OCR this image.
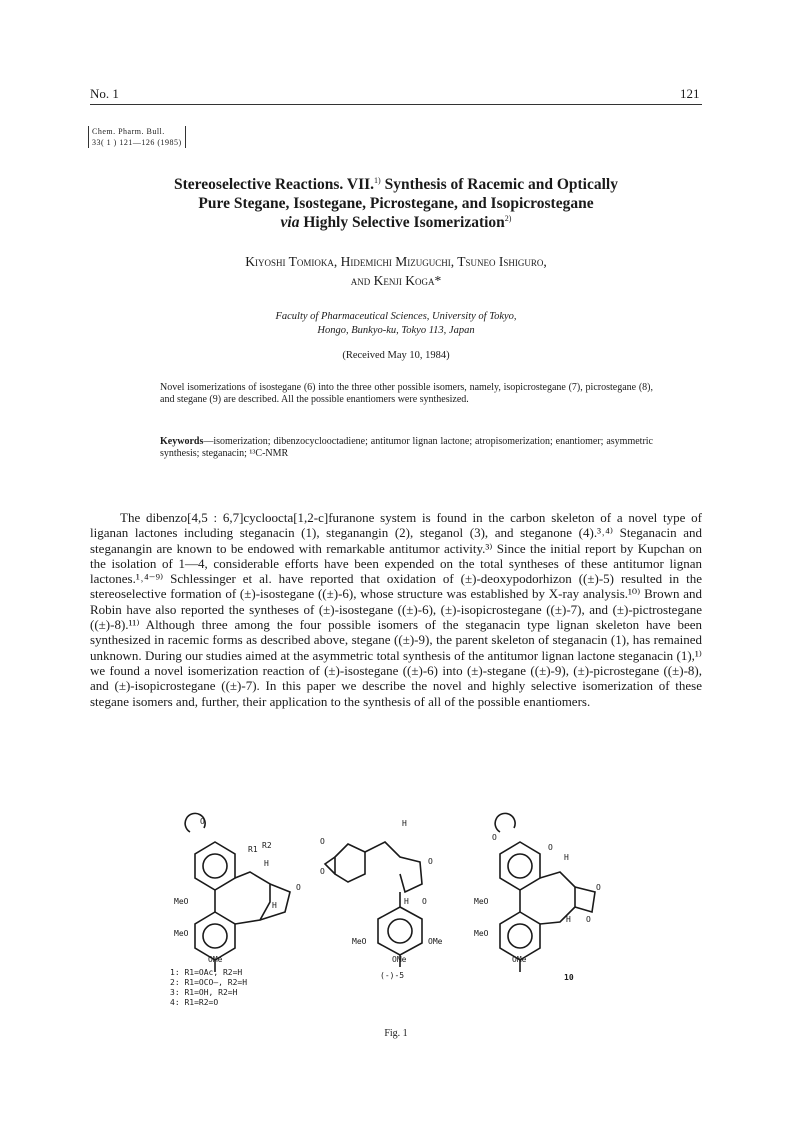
No. 1	121
Chem. Pharm. Bull.
33( 1 ) 121—126 (1985)
Stereoselective Reactions. VII.$^{1)}$ Synthesis of Racemic and Optically
Pure Stegane, Isostegane, Picrostegane, and Isopicrostegane
via Highly Selective Isomerization$^{2)}$
Kiyoshi Tomioka, Hidemichi Mizuguchi, Tsuneo Ishiguro,
and Kenji Koga*
Faculty of Pharmaceutical Sciences, University of Tokyo,
Hongo, Bunkyo-ku, Tokyo 113, Japan
(Received May 10, 1984)
Novel isomerizations of isostegane (6) into the three other possible isomers, namely, isopicrostegane (7), picrostegane (8), and stegane (9) are described. All the possible enantiomers were synthesized.
Keywords—isomerization; dibenzocyclooctadiene; antitumor lignan lactone; atropisomerization; enantiomer; asymmetric synthesis; steganacin; ¹³C-NMR
The dibenzo[4,5 : 6,7]cycloocta[1,2-c]furanone system is found in the carbon skeleton of a novel type of liganan lactones including steganacin (1), steganangin (2), steganol (3), and steganone (4).³˒⁴⁾ Steganacin and steganangin are known to be endowed with remarkable antitumor activity.³⁾ Since the initial report by Kupchan on the isolation of 1—4, considerable efforts have been expended on the total syntheses of these antitumor lignan lactones.¹˒⁴⁻⁹⁾ Schlessinger et al. have reported that oxidation of (±)-deoxypodorhizon ((±)-5) resulted in the stereoselective formation of (±)-isostegane ((±)-6), whose structure was established by X-ray analysis.¹⁰⁾ Brown and Robin have also reported the syntheses of (±)-isostegane ((±)-6), (±)-isopicrostegane ((±)-7), and (±)-pictrostegane ((±)-8).¹¹⁾ Although three among the four possible isomers of the steganacin type lignan skeleton have been synthesized in racemic forms as described above, stegane ((±)-9), the parent skeleton of steganacin (1), has remained unknown. During our studies aimed at the asymmetric total synthesis of the antitumor lignan lactone steganacin (1),¹⁾ we found a novel isomerization reaction of (±)-isostegane ((±)-6) into (±)-stegane ((±)-9), (±)-picrostegane ((±)-8), and (±)-isopicrostegane ((±)-7). In this paper we describe the novel and highly selective isomerization of these stegane isomers and, further, their application to the synthesis of all of the possible enantiomers.
O
R1 R2
H
O
H
MeO
MeO
OMe
O
O
H
O
H O
MeO	OMe
OMe
O
O
H
O
H O
MeO
MeO
OMe
(-)-5	10
1: R1=OAc, R2=H
2: R1=OCO–, R2=H
3: R1=OH, R2=H
4: R1=R2=O
Fig. 1
